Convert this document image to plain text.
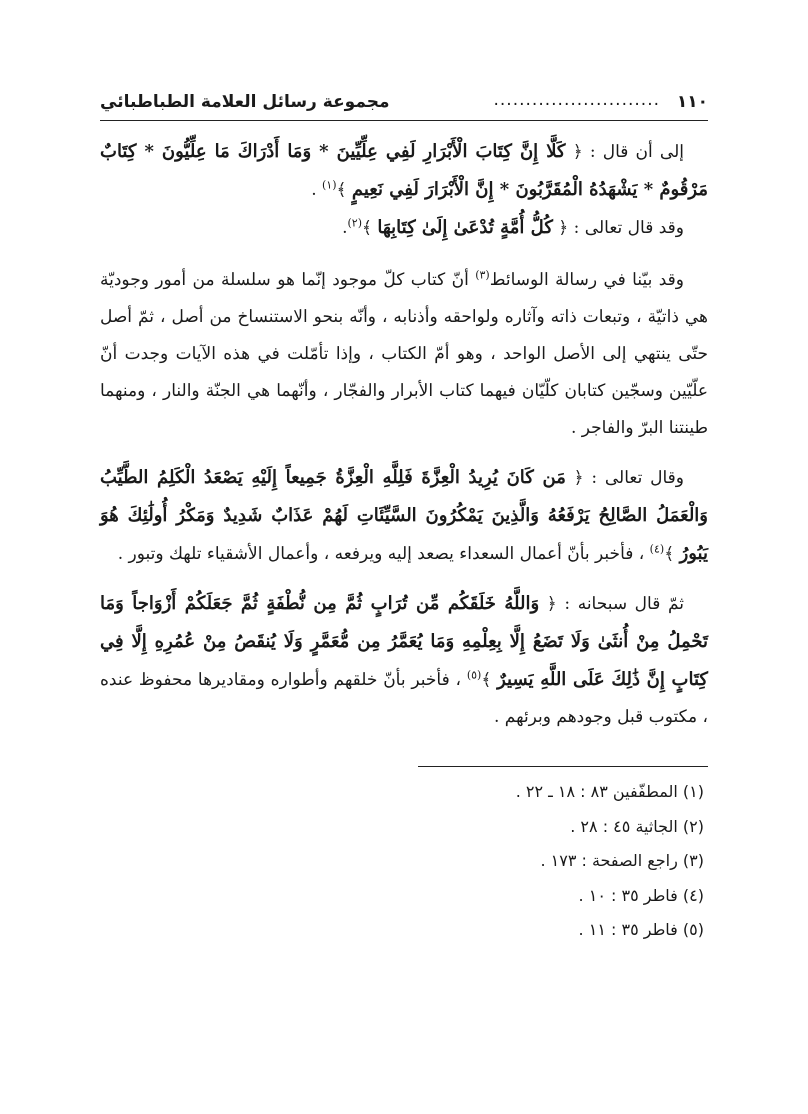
١١٠
..........................
مجموعة رسائل العلامة الطباطبائي

إلى أن قال : ﴿ كَلَّا إِنَّ كِتَابَ الْأَبْرَارِ لَفِي عِلِّيِّينَ * وَمَا أَدْرَاكَ مَا عِلِّيُّونَ * كِتَابٌ مَرْقُومٌ * يَشْهَدُهُ الْمُقَرَّبُونَ * إِنَّ الْأَبْرَارَ لَفِي نَعِيمٍ ﴾$^{(١)}$ .

وقد قال تعالى : ﴿ كُلُّ أُمَّةٍ تُدْعَىٰ إِلَىٰ كِتَابِهَا ﴾$^{(٢)}$.

وقد بيّنا في رسالة الوسائط$^{(٣)}$ أنّ كتاب كلّ موجود إنّما هو سلسلة من أمور وجوديّة هي ذاتيّة ، وتبعات ذاته وآثاره ولواحقه وأذنابه ، وأنّه بنحو الاستنساخ من أصل ، ثمّ أصل حتّى ينتهي إلى الأصل الواحد ، وهو أمّ الكتاب ، وإذا تأمّلت في هذه الآيات وجدت أنّ علّيّين وسجّين كتابان كلّيّان فيهما كتاب الأبرار والفجّار ، وأنّهما هي الجنّة والنار ، ومنهما طينتنا البرّ والفاجر .

وقال تعالى : ﴿ مَن كَانَ يُرِيدُ الْعِزَّةَ فَلِلَّهِ الْعِزَّةُ جَمِيعاً إِلَيْهِ يَصْعَدُ الْكَلِمُ الطَّيِّبُ وَالْعَمَلُ الصَّالِحُ يَرْفَعُهُ وَالَّذِينَ يَمْكُرُونَ السَّيِّئَاتِ لَهُمْ عَذَابٌ شَدِيدٌ وَمَكْرُ أُولَٰئِكَ هُوَ يَبُورُ ﴾$^{(٤)}$ ، فأخبر بأنّ أعمال السعداء يصعد إليه ويرفعه ، وأعمال الأشقياء تلهك وتبور .

ثمّ قال سبحانه : ﴿ وَاللَّهُ خَلَقَكُم مِّن تُرَابٍ ثُمَّ مِن نُّطْفَةٍ ثُمَّ جَعَلَكُمْ أَزْوَاجاً وَمَا تَحْمِلُ مِنْ أُنثَىٰ وَلَا تَضَعُ إِلَّا بِعِلْمِهِ وَمَا يُعَمَّرُ مِن مُّعَمَّرٍ وَلَا يُنقَصُ مِنْ عُمُرِهِ إِلَّا فِي كِتَابٍ إِنَّ ذَٰلِكَ عَلَى اللَّهِ يَسِيرٌ ﴾$^{(٥)}$ ، فأخبر بأنّ خلقهم وأطواره ومقاديرها محفوظ عنده ، مكتوب قبل وجودهم وبرئهم .

(١) المطفّفين ٨٣ : ١٨ ـ ٢٢ .
(٢) الجاثية ٤٥ : ٢٨ .
(٣) راجع الصفحة : ١٧٣ .
(٤) فاطر ٣٥ : ١٠ .
(٥) فاطر ٣٥ : ١١ .
